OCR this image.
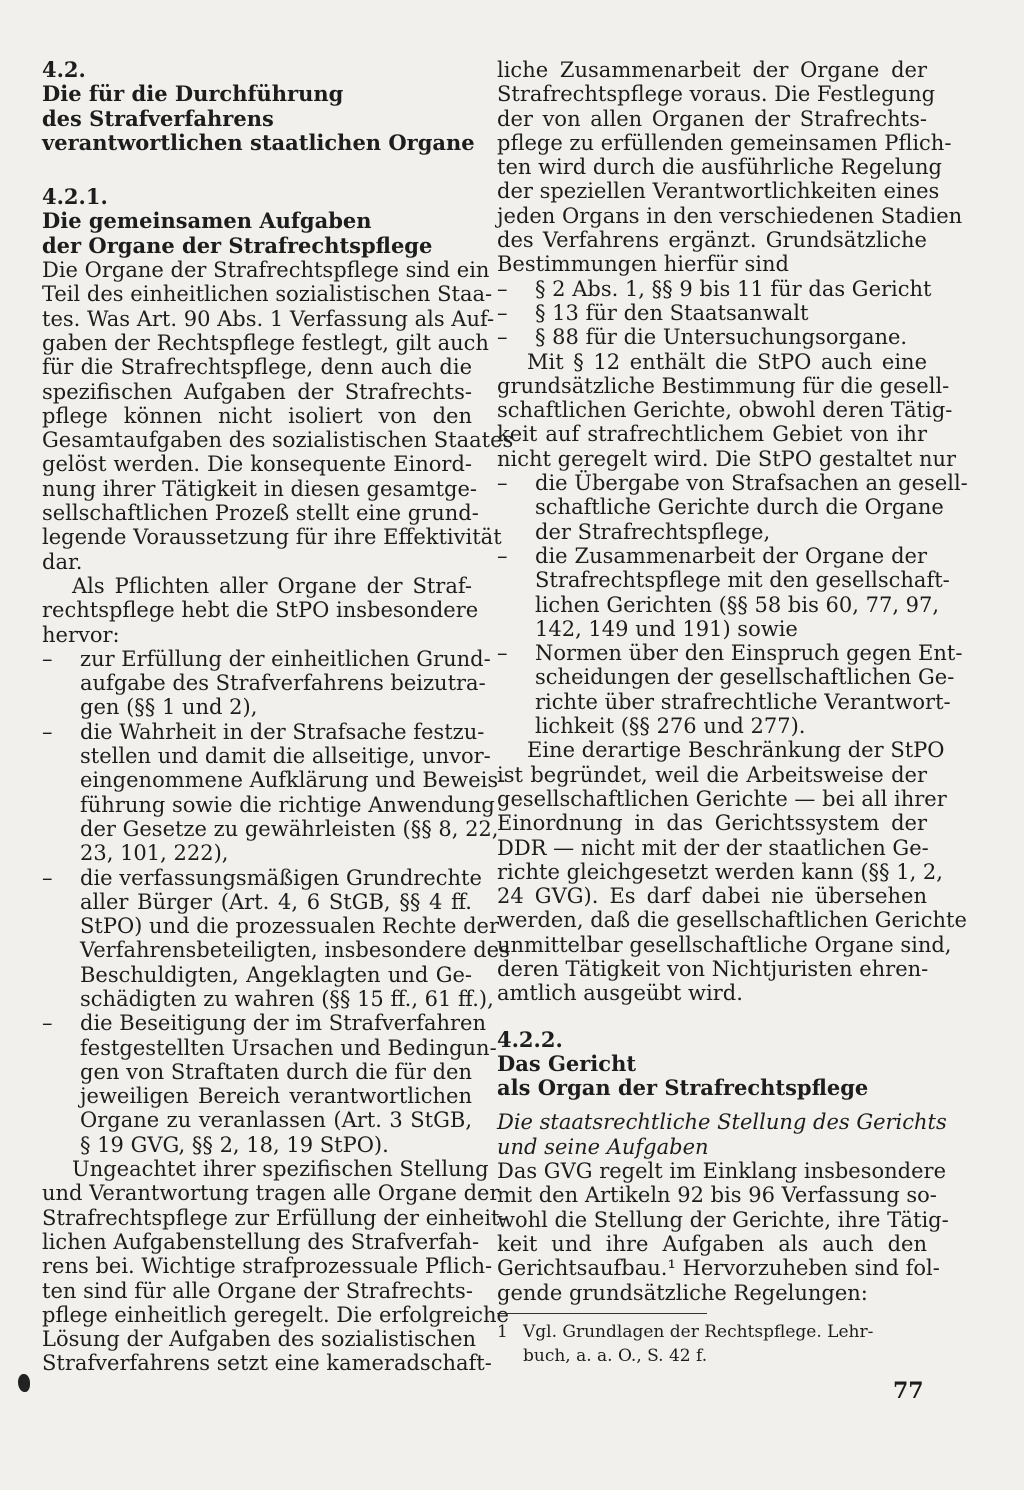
4.2.
Die für die Durchführung
des Strafverfahrens
verantwortlichen staatlichen Organe
4.2.1.
Die gemeinsamen Aufgaben
der Organe der Strafrechtspflege
Die Organe der Strafrechtspflege sind ein
Teil des einheitlichen sozialistischen Staa-
tes. Was Art. 90 Abs. 1 Verfassung als Auf-
gaben der Rechtspflege festlegt, gilt auch
für die Strafrechtspflege, denn auch die
spezifischen Aufgaben der Strafrechts-
pflege können nicht isoliert von den
Gesamtaufgaben des sozialistischen Staates
gelöst werden. Die konsequente Einord-
nung ihrer Tätigkeit in diesen gesamtge-
sellschaftlichen Prozeß stellt eine grund-
legende Voraussetzung für ihre Effektivität
dar.
Als Pflichten aller Organe der Straf-
rechtspflege hebt die StPO insbesondere
hervor:
– zur Erfüllung der einheitlichen Grund-
aufgabe des Strafverfahrens beizutra-
gen (§§ 1 und 2),
– die Wahrheit in der Strafsache festzu-
stellen und damit die allseitige, unvor-
eingenommene Aufklärung und Beweis-
führung sowie die richtige Anwendung
der Gesetze zu gewährleisten (§§ 8, 22,
23, 101, 222),
– die verfassungsmäßigen Grundrechte
aller Bürger (Art. 4, 6 StGB, §§ 4 ff.
StPO) und die prozessualen Rechte der
Verfahrensbeteiligten, insbesondere des
Beschuldigten, Angeklagten und Ge-
schädigten zu wahren (§§ 15 ff., 61 ff.),
– die Beseitigung der im Strafverfahren
festgestellten Ursachen und Bedingun-
gen von Straftaten durch die für den
jeweiligen Bereich verantwortlichen
Organe zu veranlassen (Art. 3 StGB,
§ 19 GVG, §§ 2, 18, 19 StPO).
Ungeachtet ihrer spezifischen Stellung
und Verantwortung tragen alle Organe der
Strafrechtspflege zur Erfüllung der einheit-
lichen Aufgabenstellung des Strafverfah-
rens bei. Wichtige strafprozessuale Pflich-
ten sind für alle Organe der Strafrechts-
pflege einheitlich geregelt. Die erfolgreiche
Lösung der Aufgaben des sozialistischen
Strafverfahrens setzt eine kameradschaft-
liche Zusammenarbeit der Organe der
Strafrechtspflege voraus. Die Festlegung
der von allen Organen der Strafrechts-
pflege zu erfüllenden gemeinsamen Pflich-
ten wird durch die ausführliche Regelung
der speziellen Verantwortlichkeiten eines
jeden Organs in den verschiedenen Stadien
des Verfahrens ergänzt. Grundsätzliche
Bestimmungen hierfür sind
– § 2 Abs. 1, §§ 9 bis 11 für das Gericht
– § 13 für den Staatsanwalt
– § 88 für die Untersuchungsorgane.
Mit § 12 enthält die StPO auch eine
grundsätzliche Bestimmung für die gesell-
schaftlichen Gerichte, obwohl deren Tätig-
keit auf strafrechtlichem Gebiet von ihr
nicht geregelt wird. Die StPO gestaltet nur
– die Übergabe von Strafsachen an gesell-
schaftliche Gerichte durch die Organe
der Strafrechtspflege,
– die Zusammenarbeit der Organe der
Strafrechtspflege mit den gesellschaft-
lichen Gerichten (§§ 58 bis 60, 77, 97,
142, 149 und 191) sowie
– Normen über den Einspruch gegen Ent-
scheidungen der gesellschaftlichen Ge-
richte über strafrechtliche Verantwort-
lichkeit (§§ 276 und 277).
Eine derartige Beschränkung der StPO
ist begründet, weil die Arbeitsweise der
gesellschaftlichen Gerichte — bei all ihrer
Einordnung in das Gerichtssystem der
DDR — nicht mit der der staatlichen Ge-
richte gleichgesetzt werden kann (§§ 1, 2,
24 GVG). Es darf dabei nie übersehen
werden, daß die gesellschaftlichen Gerichte
unmittelbar gesellschaftliche Organe sind,
deren Tätigkeit von Nichtjuristen ehren-
amtlich ausgeübt wird.
4.2.2.
Das Gericht
als Organ der Strafrechtspflege
Die staatsrechtliche Stellung des Gerichts
und seine Aufgaben
Das GVG regelt im Einklang insbesondere
mit den Artikeln 92 bis 96 Verfassung so-
wohl die Stellung der Gerichte, ihre Tätig-
keit und ihre Aufgaben als auch den
Gerichtsaufbau.¹ Hervorzuheben sind fol-
gende grundsätzliche Regelungen:
1 Vgl. Grundlagen der Rechtspflege. Lehr-
buch, a. a. O., S. 42 f.
77
